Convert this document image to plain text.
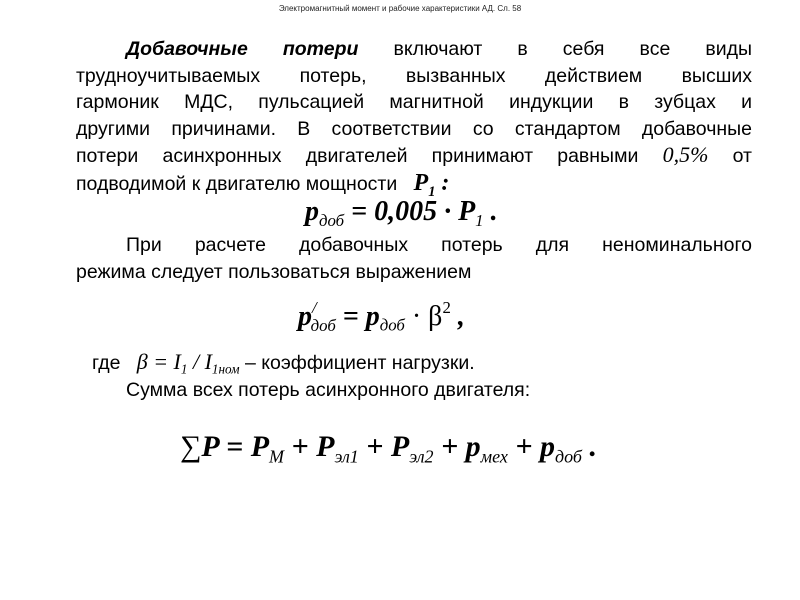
Электромагнитный момент и рабочие характеристики АД. Сл. 58
Добавочные потери включают в себя все виды
трудноучитываемых потерь, вызванных действием высших
гармоник МДС, пульсацией магнитной индукции в зубцах и
другими причинами. В соответствии со стандартом добавочные
потери асинхронных двигателей принимают равными 0,5% от
подводимой к двигателю мощности $P_1$ :
$p_{доб} = 0,005 \cdot P_1$ .
При расчете добавочных потерь для неноминального
режима следует пользоваться выражением
$p^/_{доб} = p_{доб} \cdot \beta^2$ ,
где $\beta = I_1 / I_{1ном}$ – коэффициент нагрузки.
Сумма всех потерь асинхронного двигателя:
$\sum P = P_М + P_{эл1} + P_{эл2} + p_{мех} + p_{доб}$ .
